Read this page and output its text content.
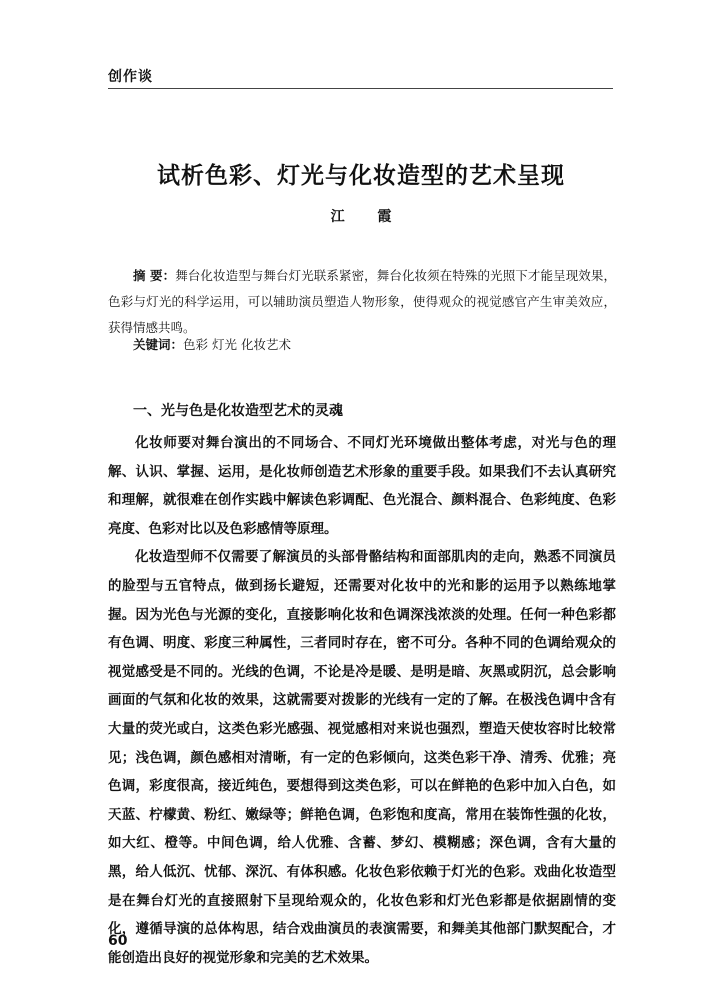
创作谈
试析色彩、灯光与化妆造型的艺术呈现
江 霞

摘 要：舞台化妆造型与舞台灯光联系紧密，舞台化妆须在特殊的光照下才能呈现效果，色彩与灯光的科学运用，可以辅助演员塑造人物形象，使得观众的视觉感官产生审美效应，获得情感共鸣。

关键词：色彩 灯光 化妆艺术
一、光与色是化妆造型艺术的灵魂

化妆师要对舞台演出的不同场合、不同灯光环境做出整体考虑，对光与色的理解、认识、掌握、运用，是化妆师创造艺术形象的重要手段。如果我们不去认真研究和理解，就很难在创作实践中解读色彩调配、色光混合、颜料混合、色彩纯度、色彩亮度、色彩对比以及色彩感情等原理。

化妆造型师不仅需要了解演员的头部骨骼结构和面部肌肉的走向，熟悉不同演员的脸型与五官特点，做到扬长避短，还需要对化妆中的光和影的运用予以熟练地掌握。因为光色与光源的变化，直接影响化妆和色调深浅浓淡的处理。任何一种色彩都有色调、明度、彩度三种属性，三者同时存在，密不可分。各种不同的色调给观众的视觉感受是不同的。光线的色调，不论是冷是暖、是明是暗、灰黑或阴沉，总会影响画面的气氛和化妆的效果，这就需要对拨影的光线有一定的了解。在极浅色调中含有大量的荧光或白，这类色彩光感强、视觉感相对来说也强烈，塑造天使妆容时比较常见；浅色调，颜色感相对清晰，有一定的色彩倾向，这类色彩干净、清秀、优雅；亮色调，彩度很高，接近纯色，要想得到这类色彩，可以在鲜艳的色彩中加入白色，如天蓝、柠檬黄、粉红、嫩绿等；鲜艳色调，色彩饱和度高，常用在装饰性强的化妆，如大红、橙等。中间色调，给人优雅、含蓄、梦幻、模糊感；深色调，含有大量的黑，给人低沉、忧郁、深沉、有体积感。化妆色彩依赖于灯光的色彩。戏曲化妆造型是在舞台灯光的直接照射下呈现给观众的，化妆色彩和灯光色彩都是依据剧情的变化，遵循导演的总体构思，结合戏曲演员的表演需要，和舞美其他部门默契配合，才能创造出良好的视觉形象和完美的艺术效果。

60
